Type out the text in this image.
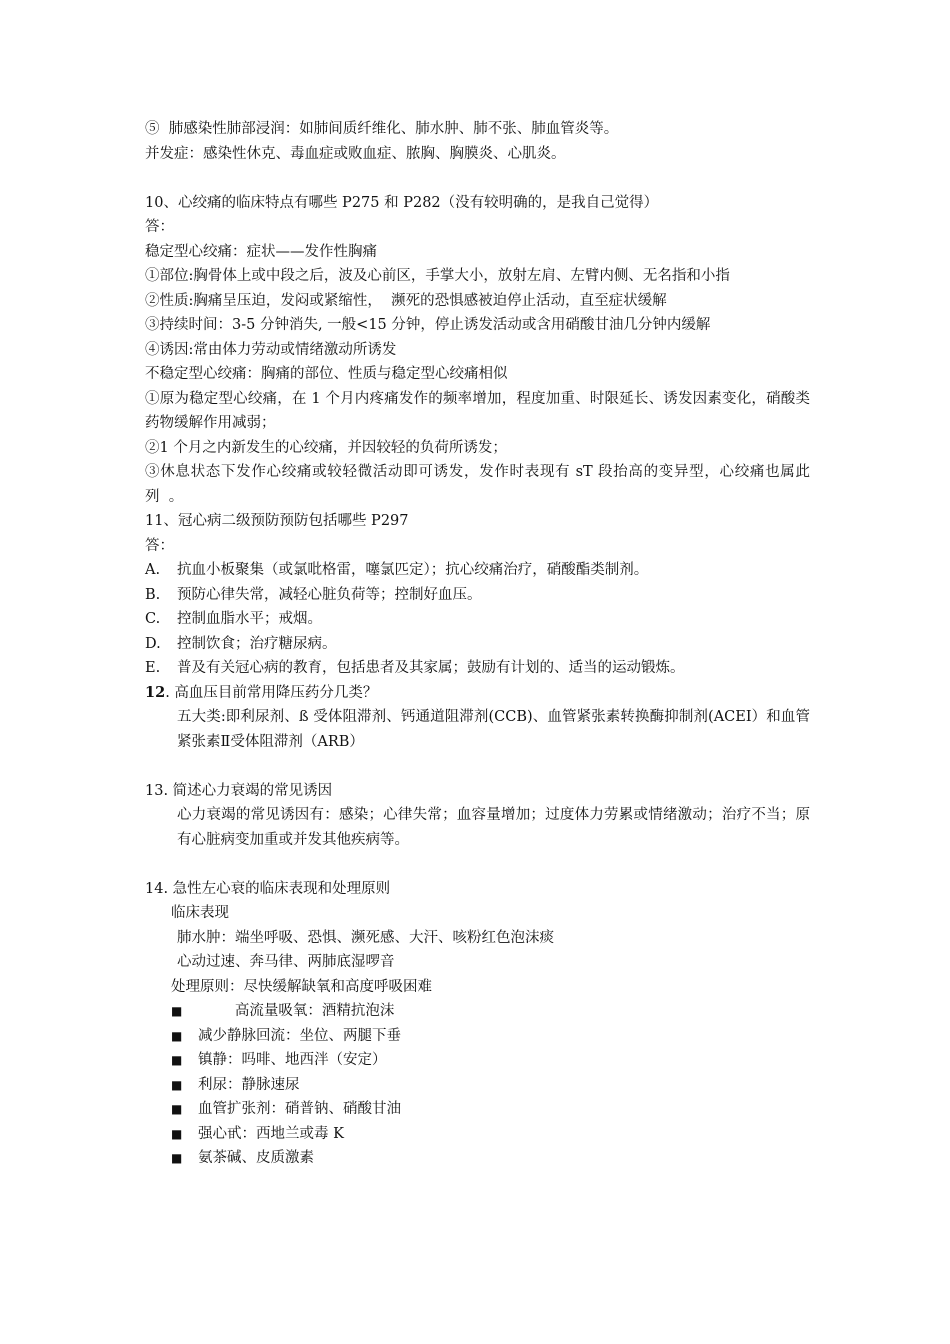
⑤  肺感染性肺部浸润：如肺间质纤维化、肺水肿、肺不张、肺血管炎等。
并发症：感染性休克、毒血症或败血症、脓胸、胸膜炎、心肌炎。
10、心绞痛的临床特点有哪些 P275 和 P282（没有较明确的，是我自己觉得）
答：
稳定型心绞痛：症状——发作性胸痛
①部位:胸骨体上或中段之后，波及心前区，手掌大小，放射左肩、左臂内侧、无名指和小指
②性质:胸痛呈压迫，发闷或紧缩性，  濒死的恐惧感被迫停止活动，直至症状缓解
③持续时间：3-5 分钟消失, 一般<15 分钟，停止诱发活动或含用硝酸甘油几分钟内缓解
④诱因:常由体力劳动或情绪激动所诱发
不稳定型心绞痛：胸痛的部位、性质与稳定型心绞痛相似
①原为稳定型心绞痛，在 1 个月内疼痛发作的频率增加，程度加重、时限延长、诱发因素变化，硝酸类药物缓解作用减弱；
②1 个月之内新发生的心绞痛，并因较轻的负荷所诱发；
③休息状态下发作心绞痛或较轻微活动即可诱发，发作时表现有 sT 段抬高的变异型，心绞痛也属此列  。
11、冠心病二级预防预防包括哪些 P297
答：
A.	抗血小板聚集（或氯吡格雷，噻氯匹定）；抗心绞痛治疗，硝酸酯类制剂。
B.	预防心律失常，减轻心脏负荷等；控制好血压。
C.	控制血脂水平；戒烟。
D.	控制饮食；治疗糖尿病。
E.	普及有关冠心病的教育，包括患者及其家属；鼓励有计划的、适当的运动锻炼。
12. 高血压目前常用降压药分几类？
五大类:即利尿剂、ß 受体阻滞剂、钙通道阻滞剂(CCB)、血管紧张素转换酶抑制剂(ACEI）和血管紧张素Ⅱ受体阻滞剂（ARB）
13. 简述心力衰竭的常见诱因
心力衰竭的常见诱因有：感染；心律失常；血容量增加；过度体力劳累或情绪激动；治疗不当；原有心脏病变加重或并发其他疾病等。
14. 急性左心衰的临床表现和处理原则
临床表现
肺水肿：端坐呼吸、恐惧、濒死感、大汗、咳粉红色泡沫痰
心动过速、奔马律、两肺底湿啰音
处理原则：尽快缓解缺氧和高度呼吸困难
■	高流量吸氧：酒精抗泡沫
■	减少静脉回流：坐位、两腿下垂
■	镇静：吗啡、地西泮（安定）
■	利尿：静脉速尿
■	血管扩张剂：硝普钠、硝酸甘油
■	强心甙：西地兰或毒 K
■	氨茶碱、皮质激素
